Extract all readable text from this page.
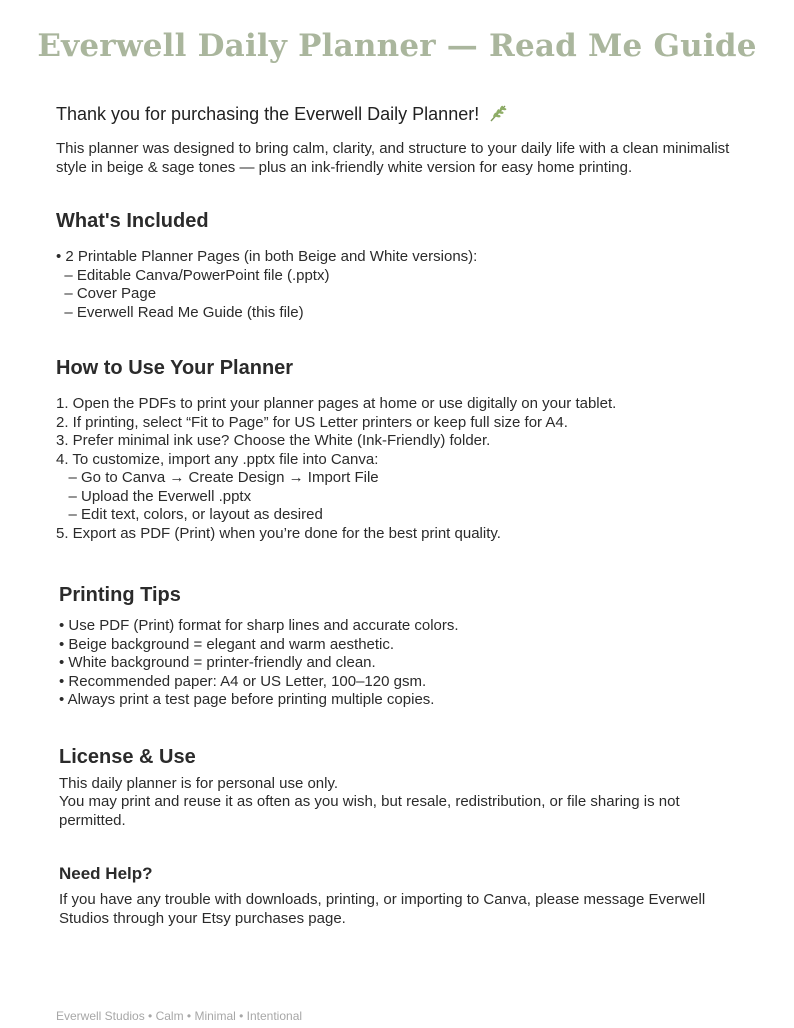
Everwell Daily Planner — Read Me Guide
Thank you for purchasing the Everwell Daily Planner!
This planner was designed to bring calm, clarity, and structure to your daily life with a clean minimalist style in beige & sage tones — plus an ink-friendly white version for easy home printing.
What's Included
• 2 Printable Planner Pages (in both Beige and White versions):
– Editable Canva/PowerPoint file (.pptx)
– Cover Page
– Everwell Read Me Guide (this file)
How to Use Your Planner
1. Open the PDFs to print your planner pages at home or use digitally on your tablet.
2. If printing, select “Fit to Page” for US Letter printers or keep full size for A4.
3. Prefer minimal ink use? Choose the White (Ink-Friendly) folder.
4. To customize, import any .pptx file into Canva:
– Go to Canva → Create Design → Import File
– Upload the Everwell .pptx
– Edit text, colors, or layout as desired
5. Export as PDF (Print) when you’re done for the best print quality.
Printing Tips
• Use PDF (Print) format for sharp lines and accurate colors.
• Beige background = elegant and warm aesthetic.
• White background = printer-friendly and clean.
• Recommended paper: A4 or US Letter, 100–120 gsm.
• Always print a test page before printing multiple copies.
License & Use
This daily planner is for personal use only.
You may print and reuse it as often as you wish, but resale, redistribution, or file sharing is not permitted.
Need Help?
If you have any trouble with downloads, printing, or importing to Canva, please message Everwell Studios through your Etsy purchases page.
Everwell Studios • Calm • Minimal • Intentional
